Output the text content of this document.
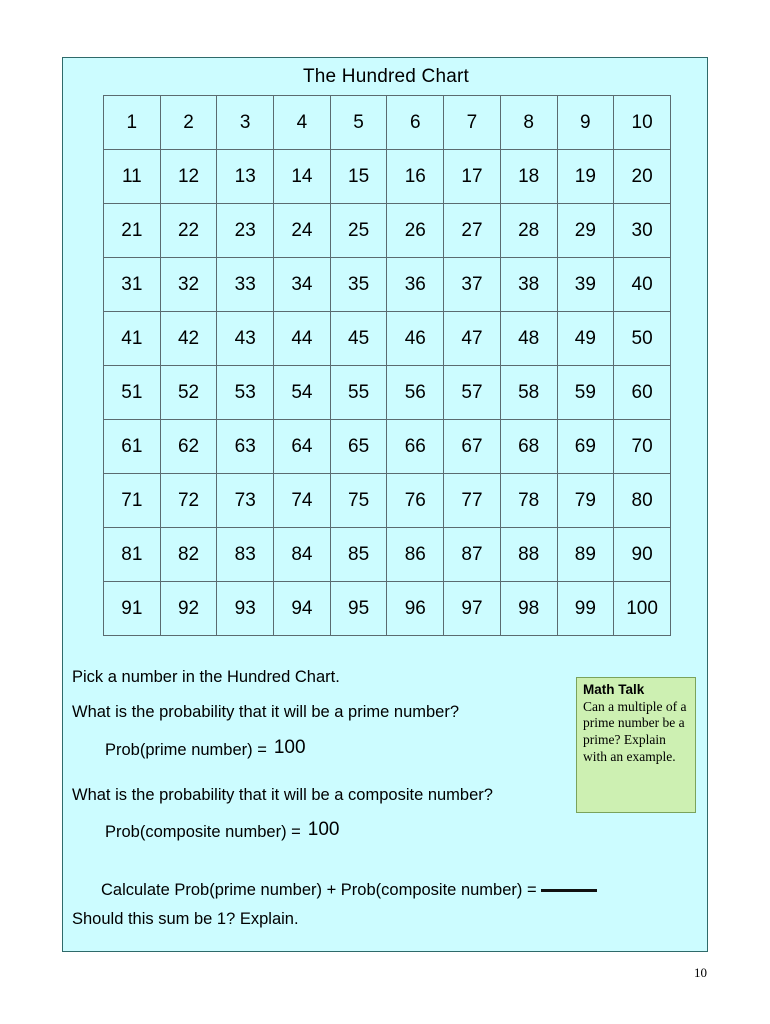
The Hundred Chart
1	2	3	4	5	6	7	8	9	10
11	12	13	14	15	16	17	18	19	20
21	22	23	24	25	26	27	28	29	30
31	32	33	34	35	36	37	38	39	40
41	42	43	44	45	46	47	48	49	50
51	52	53	54	55	56	57	58	59	60
61	62	63	64	65	66	67	68	69	70
71	72	73	74	75	76	77	78	79	80
81	82	83	84	85	86	87	88	89	90
91	92	93	94	95	96	97	98	99	100
Pick a number in the Hundred Chart.
What is the probability that it will be a prime number?
Prob(prime number) = 100
What is the probability that it will be a composite number?
Prob(composite number) = 100
Calculate Prob(prime number) + Prob(composite number) =
Should this sum be 1? Explain.
Math Talk
Can a multiple of a prime number be a prime? Explain with an example.
10
